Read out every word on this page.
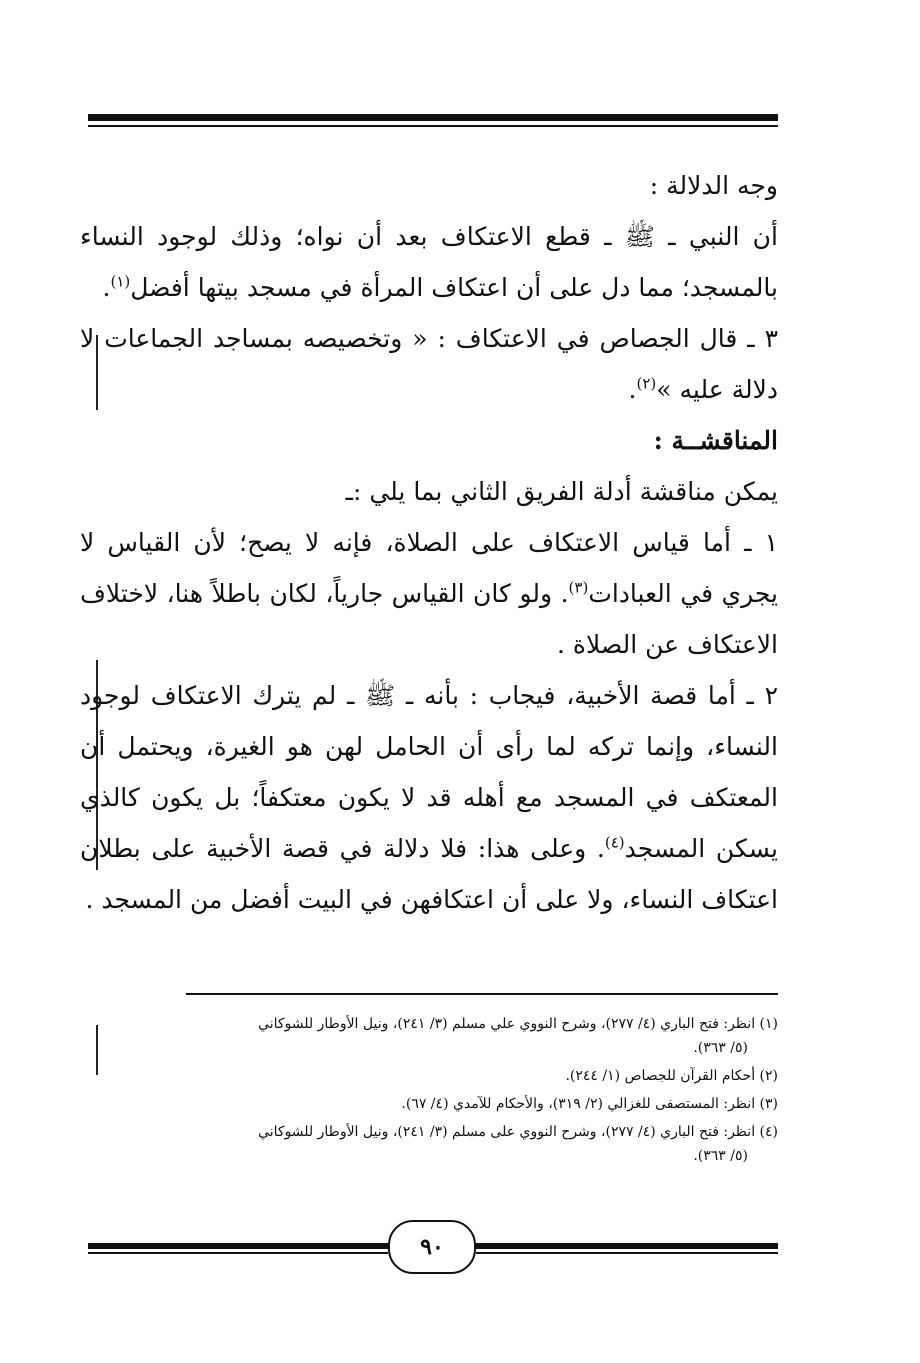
وجه الدلالة :

أن النبي ـ ﷺ ـ قطع الاعتكاف بعد أن نواه؛ وذلك لوجود النساء بالمسجد؛ مما دل على أن اعتكاف المرأة في مسجد بيتها أفضل$^{(١)}$.

٣ ـ قال الجصاص في الاعتكاف : « وتخصيصه بمساجد الجماعات لا دلالة عليه »$^{(٢)}$.

المناقشــة :

يمكن مناقشة أدلة الفريق الثاني بما يلي :ـ

١ ـ أما قياس الاعتكاف على الصلاة، فإنه لا يصح؛ لأن القياس لا يجري في العبادات$^{(٣)}$. ولو كان القياس جارياً، لكان باطلاً هنا، لاختلاف الاعتكاف عن الصلاة .

٢ ـ أما قصة الأخبية، فيجاب : بأنه ـ ﷺ ـ لم يترك الاعتكاف لوجود النساء، وإنما تركه لما رأى أن الحامل لهن هو الغيرة، ويحتمل أن المعتكف في المسجد مع أهله قد لا يكون معتكفاً؛ بل يكون كالذي يسكن المسجد$^{(٤)}$. وعلى هذا: فلا دلالة في قصة الأخبية على بطلان اعتكاف النساء، ولا على أن اعتكافهن في البيت أفضل من المسجد .

(١) انظر: فتح الباري (٤/ ٢٧٧)، وشرح النووي علي مسلم (٣/ ٢٤١)، ونيل الأوطار للشوكاني
(٥/ ٣٦٣).

(٢) أحكام القرآن للجصاص (١/ ٢٤٤).

(٣) انظر: المستصفى للغزالي (٢/ ٣١٩)، والأحكام للآمدي (٤/ ٦٧).

(٤) انظر: فتح الباري (٤/ ٢٧٧)، وشرح النووي على مسلم (٣/ ٢٤١)، ونيل الأوطار للشوكاني
(٥/ ٣٦٣).

٩٠
